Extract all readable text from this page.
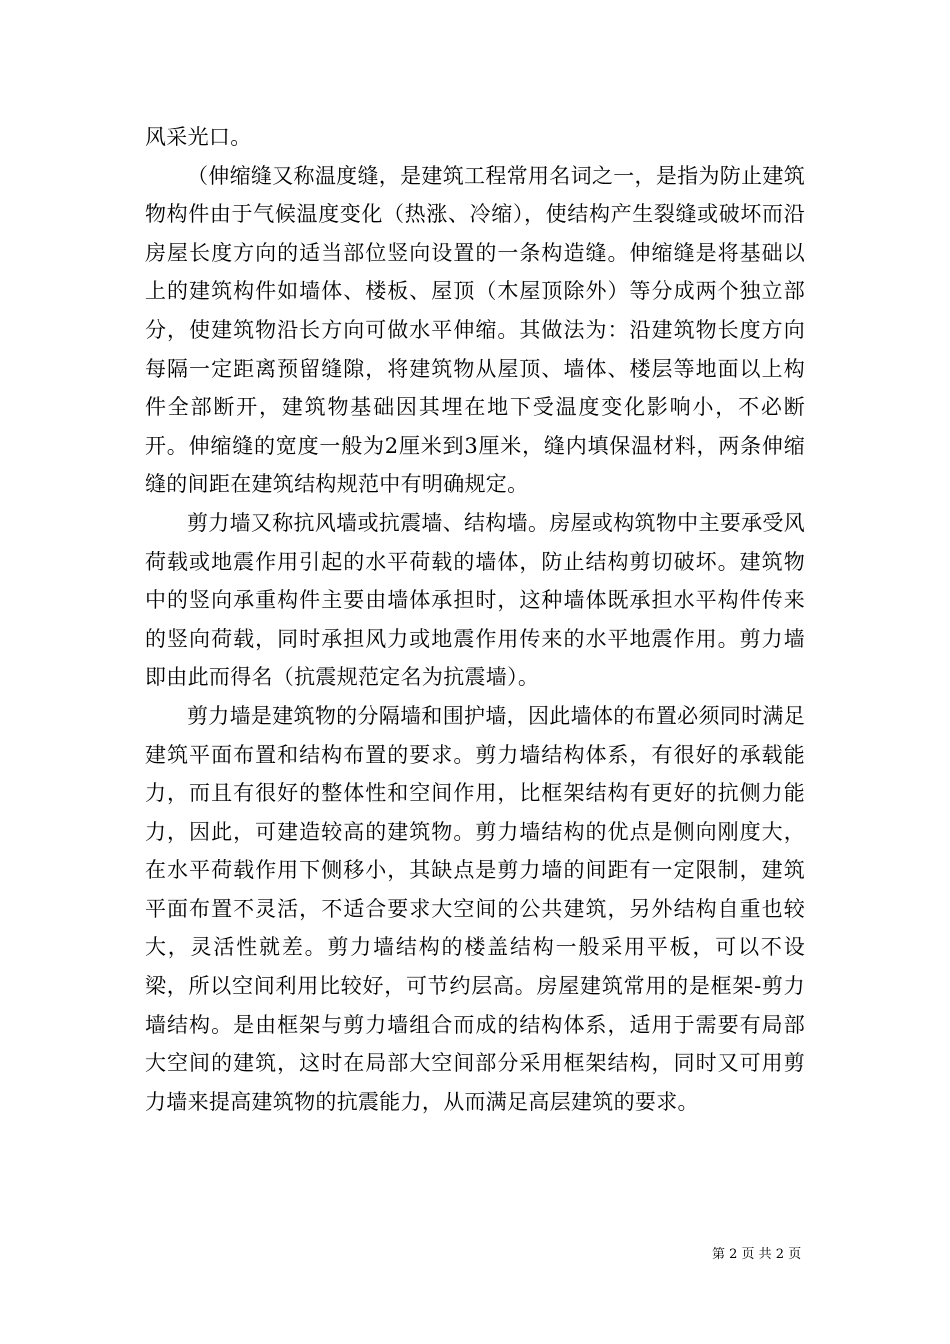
风采光口。

（伸缩缝又称温度缝，是建筑工程常用名词之一，是指为防止建筑物构件由于气候温度变化（热涨、冷缩），使结构产生裂缝或破坏而沿房屋长度方向的适当部位竖向设置的一条构造缝。伸缩缝是将基础以上的建筑构件如墙体、楼板、屋顶（木屋顶除外）等分成两个独立部分，使建筑物沿长方向可做水平伸缩。其做法为：沿建筑物长度方向每隔一定距离预留缝隙，将建筑物从屋顶、墙体、楼层等地面以上构件全部断开，建筑物基础因其埋在地下受温度变化影响小，不必断开。伸缩缝的宽度一般为2厘米到3厘米，缝内填保温材料，两条伸缩缝的间距在建筑结构规范中有明确规定。

剪力墙又称抗风墙或抗震墙、结构墙。房屋或构筑物中主要承受风荷载或地震作用引起的水平荷载的墙体，防止结构剪切破坏。建筑物中的竖向承重构件主要由墙体承担时，这种墙体既承担水平构件传来的竖向荷载，同时承担风力或地震作用传来的水平地震作用。剪力墙即由此而得名（抗震规范定名为抗震墙）。

剪力墙是建筑物的分隔墙和围护墙，因此墙体的布置必须同时满足建筑平面布置和结构布置的要求。剪力墙结构体系，有很好的承载能力，而且有很好的整体性和空间作用，比框架结构有更好的抗侧力能力，因此，可建造较高的建筑物。剪力墙结构的优点是侧向刚度大，在水平荷载作用下侧移小，其缺点是剪力墙的间距有一定限制，建筑平面布置不灵活，不适合要求大空间的公共建筑，另外结构自重也较大，灵活性就差。剪力墙结构的楼盖结构一般采用平板，可以不设梁，所以空间利用比较好，可节约层高。房屋建筑常用的是框架-剪力墙结构。是由框架与剪力墙组合而成的结构体系，适用于需要有局部大空间的建筑，这时在局部大空间部分采用框架结构，同时又可用剪力墙来提高建筑物的抗震能力，从而满足高层建筑的要求。

第 2 页 共 2 页
